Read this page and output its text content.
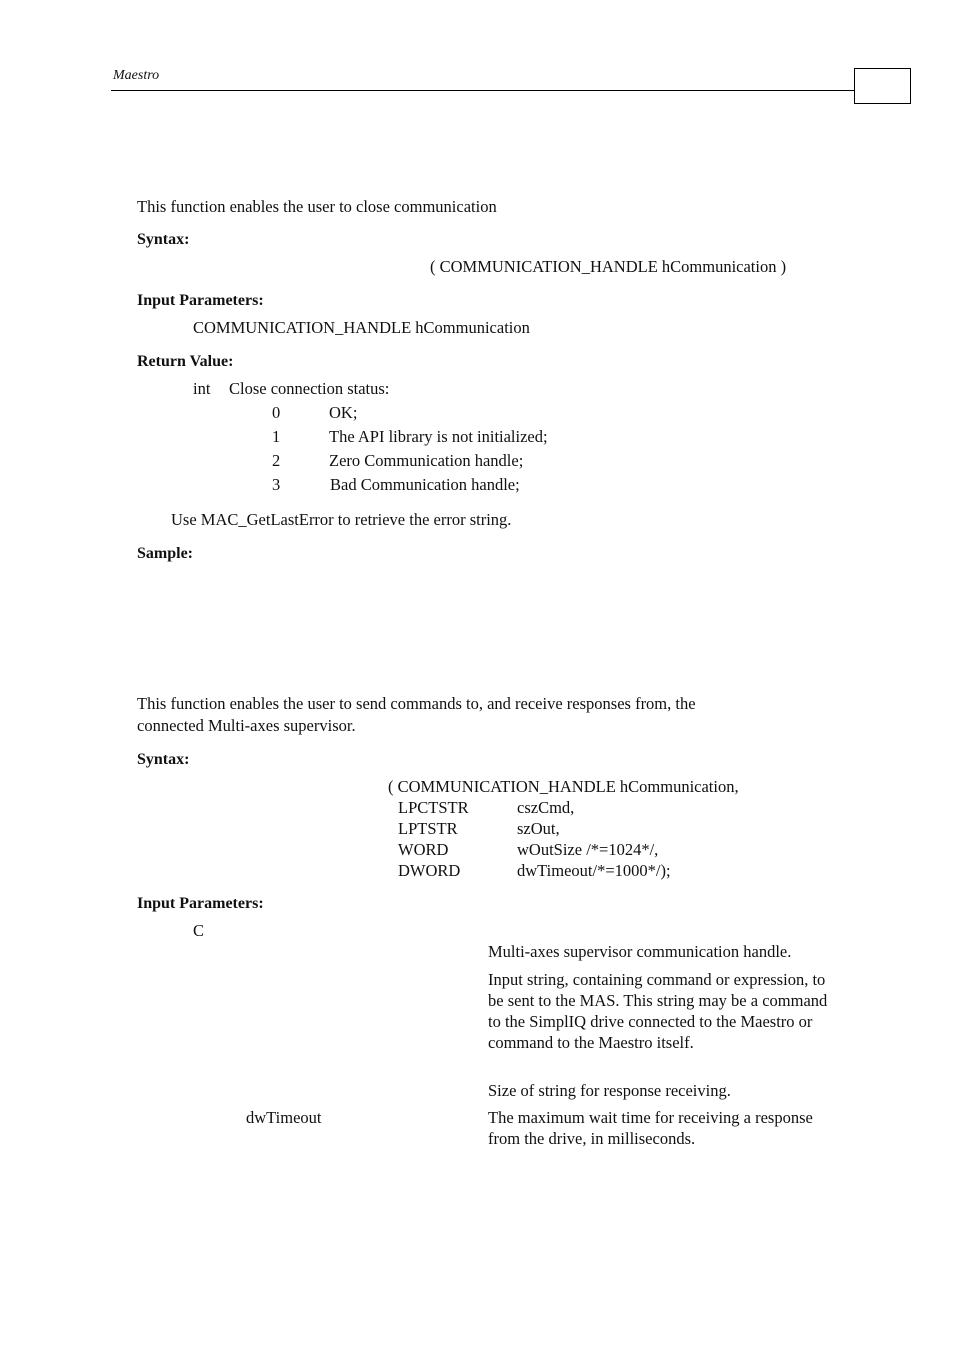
Maestro
This function enables the user to close communication
Syntax:
( COMMUNICATION_HANDLE hCommunication )
Input Parameters:
COMMUNICATION_HANDLE hCommunication
Return Value:
int Close connection status:
0	OK;
1	The API library is not initialized;
2	Zero Communication handle;
3	Bad Communication handle;
Use MAC_GetLastError to retrieve the error string.
Sample:
This function enables the user to send commands to, and receive responses from, the
connected Multi-axes supervisor.
Syntax:
( COMMUNICATION_HANDLE hCommunication,
LPCTSTR	cszCmd,
LPTSTR	szOut,
WORD	wOutSize /*=1024*/,
DWORD	dwTimeout/*=1000*/);
Input Parameters:
C
Multi-axes supervisor communication handle.
Input string, containing command or expression, to be sent to the MAS. This string may be a command to the SimplIQ drive connected to the Maestro or command to the Maestro itself.
Size of string for response receiving.
dwTimeout	The maximum wait time for receiving a response from the drive, in milliseconds.
